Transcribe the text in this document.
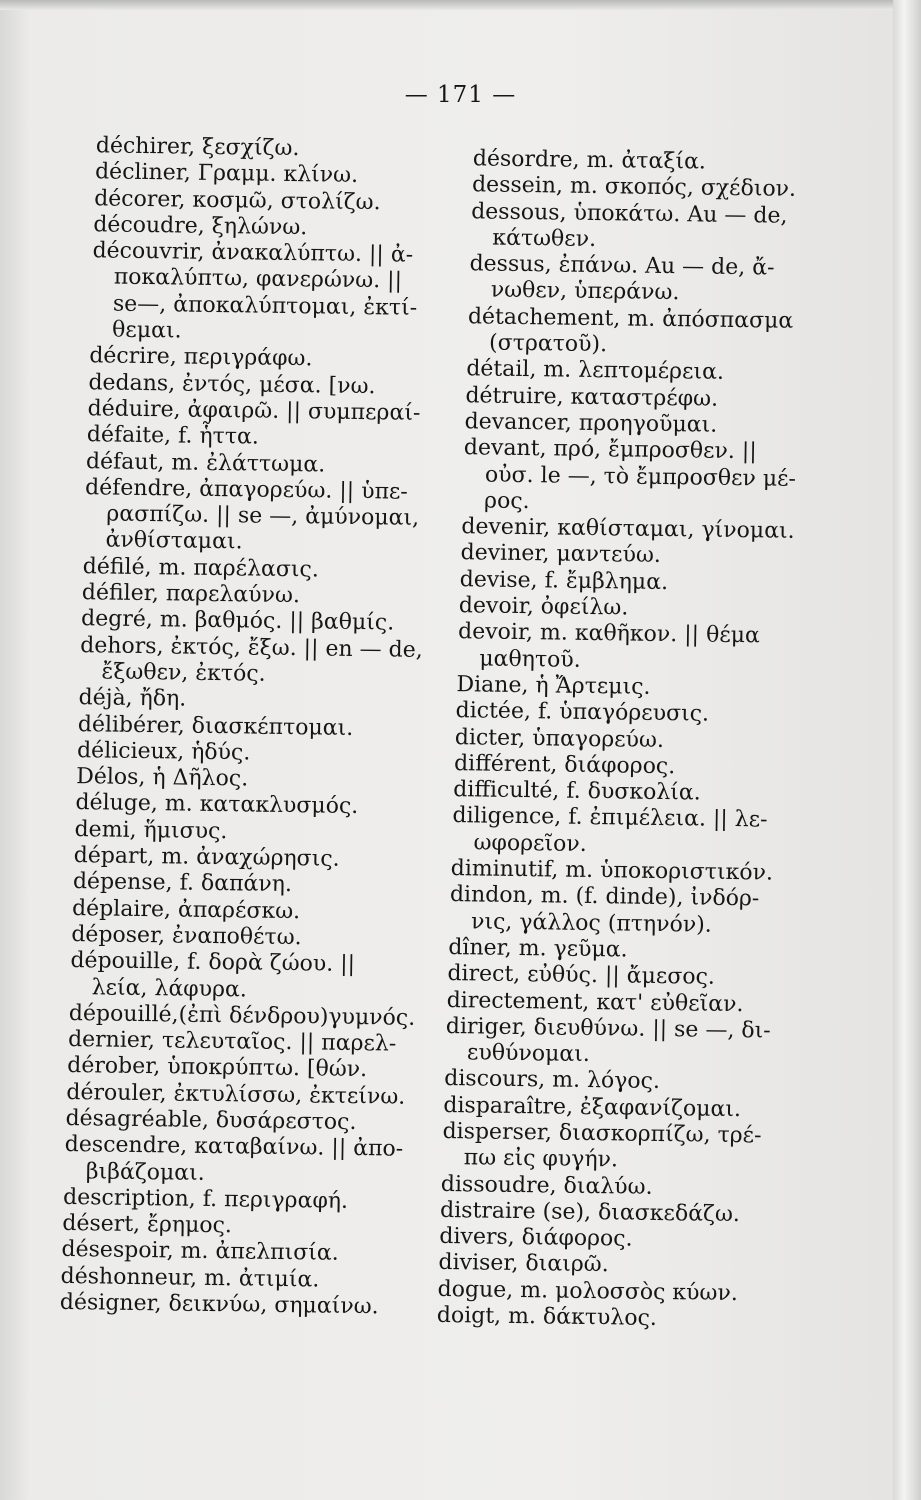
— 171 —
déchirer, ξεσχίζω.
décliner, Γραμμ. κλίνω.
décorer, κοσμῶ, στολίζω.
découdre, ξηλώνω.
découvrir, ἀνακαλύπτω. || ἀ-
ποκαλύπτω, φανερώνω. ||
se—, ἀποκαλύπτομαι, ἐκτί-
θεμαι.
décrire, περιγράφω.
dedans, ἐντός, μέσα. [νω.
déduire, ἀφαιρῶ. || συμπεραί-
défaite, f. ἧττα.
défaut, m. ἐλάττωμα.
défendre, ἀπαγορεύω. || ὑπε-
ρασπίζω. || se —, ἀμύνομαι,
ἀνθίσταμαι.
défilé, m. παρέλασις.
défiler, παρελαύνω.
degré, m. βαθμός. || βαθμίς.
dehors, ἐκτός, ἔξω. || en — de,
ἔξωθεν, ἐκτός.
déjà, ἤδη.
délibérer, διασκέπτομαι.
délicieux, ἡδύς.
Délos, ἡ Δῆλος.
déluge, m. κατακλυσμός.
demi, ἥμισυς.
départ, m. ἀναχώρησις.
dépense, f. δαπάνη.
déplaire, ἀπαρέσκω.
déposer, ἐναποθέτω.
dépouille, f. δορὰ ζώου. ||
λεία, λάφυρα.
dépouillé,(ἐπὶ δένδρου)γυμνός.
dernier, τελευταῖος. || παρελ-
dérober, ὑποκρύπτω. [θών.
dérouler, ἐκτυλίσσω, ἐκτείνω.
désagréable, δυσάρεστος.
descendre, καταβαίνω. || ἀπο-
βιβάζομαι.
description, f. περιγραφή.
désert, ἔρημος.
désespoir, m. ἀπελπισία.
déshonneur, m. ἀτιμία.
désigner, δεικνύω, σημαίνω.
désordre, m. ἀταξία.
dessein, m. σκοπός, σχέδιον.
dessous, ὑποκάτω. Au — de,
κάτωθεν.
dessus, ἐπάνω. Au — de, ἄ-
νωθεν, ὑπεράνω.
détachement, m. ἀπόσπασμα
(στρατοῦ).
détail, m. λεπτομέρεια.
détruire, καταστρέφω.
devancer, προηγοῦμαι.
devant, πρό, ἔμπροσθεν. ||
οὐσ. le —, τὸ ἔμπροσθεν μέ-
ρος.
devenir, καθίσταμαι, γίνομαι.
deviner, μαντεύω.
devise, f. ἔμβλημα.
devoir, ὀφείλω.
devoir, m. καθῆκον. || θέμα
μαθητοῦ.
Diane, ἡ Ἄρτεμις.
dictée, f. ὑπαγόρευσις.
dicter, ὑπαγορεύω.
différent, διάφορος.
difficulté, f. δυσκολία.
diligence, f. ἐπιμέλεια. || λε-
ωφορεῖον.
diminutif, m. ὑποκοριστικόν.
dindon, m. (f. dinde), ἰνδόρ-
νις, γάλλος (πτηνόν).
dîner, m. γεῦμα.
direct, εὐθύς. || ἄμεσος.
directement, κατ' εὐθεῖαν.
diriger, διευθύνω. || se —, δι-
ευθύνομαι.
discours, m. λόγος.
disparaître, ἐξαφανίζομαι.
disperser, διασκορπίζω, τρέ-
πω εἰς φυγήν.
dissoudre, διαλύω.
distraire (se), διασκεδάζω.
divers, διάφορος.
diviser, διαιρῶ.
dogue, m. μολοσσὸς κύων.
doigt, m. δάκτυλος.
